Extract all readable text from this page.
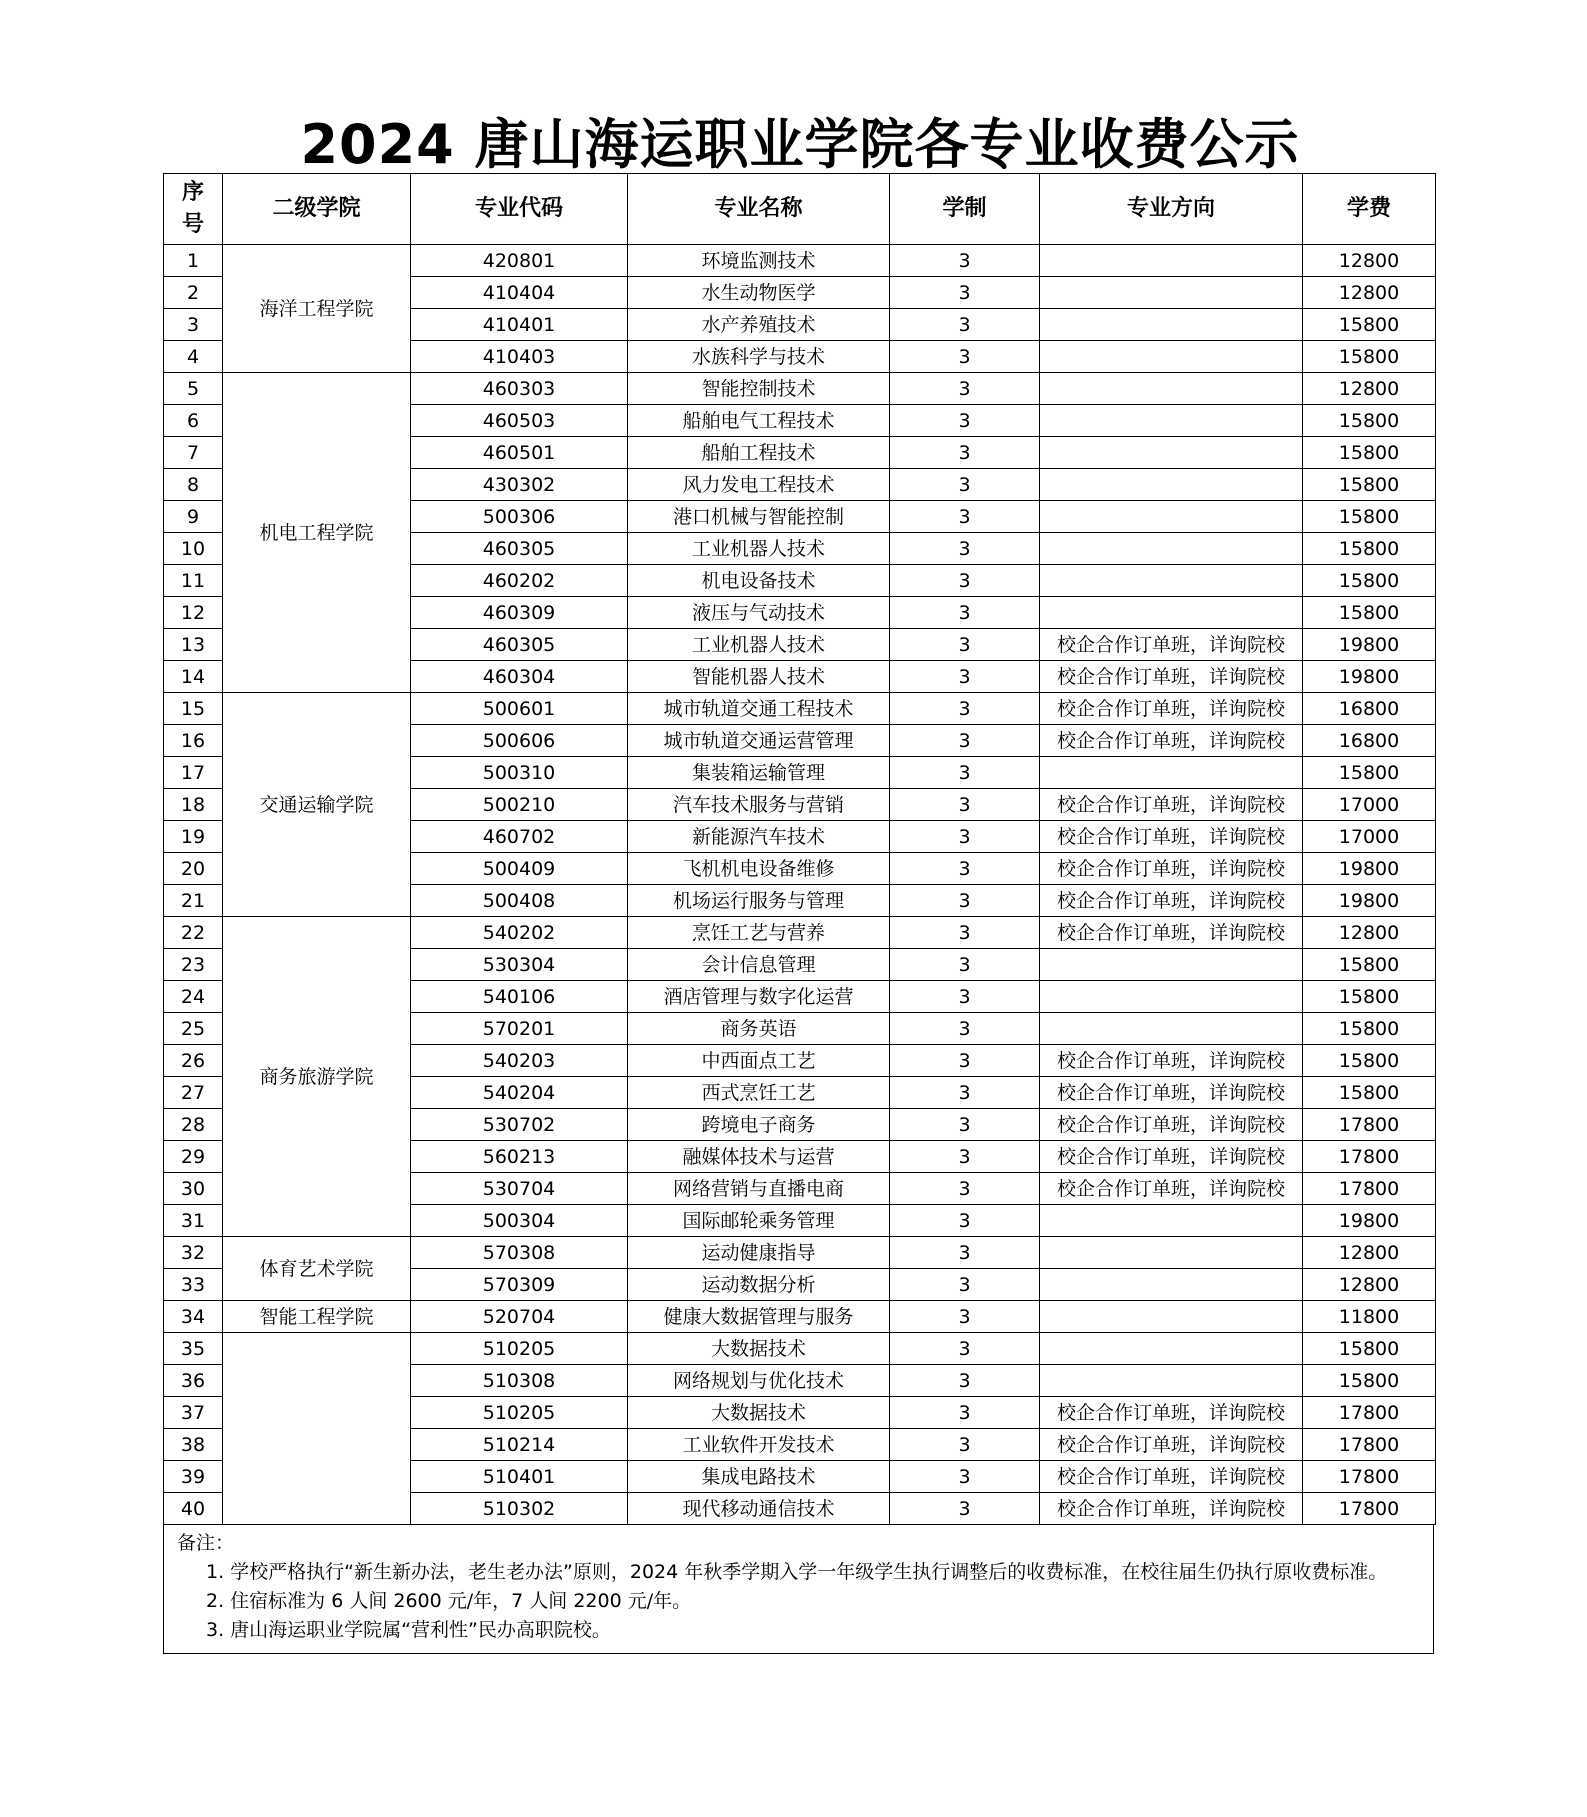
2024 唐山海运职业学院各专业收费公示
序号	二级学院	专业代码	专业名称	学制	专业方向	学费
1	海洋工程学院	420801	环境监测技术	3		12800
2		410404	水生动物医学	3		12800
3		410401	水产养殖技术	3		15800
4		410403	水族科学与技术	3		15800
5	机电工程学院	460303	智能控制技术	3		12800
6		460503	船舶电气工程技术	3		15800
7		460501	船舶工程技术	3		15800
8		430302	风力发电工程技术	3		15800
9		500306	港口机械与智能控制	3		15800
10		460305	工业机器人技术	3		15800
11		460202	机电设备技术	3		15800
12		460309	液压与气动技术	3		15800
13		460305	工业机器人技术	3	校企合作订单班，详询院校	19800
14		460304	智能机器人技术	3	校企合作订单班，详询院校	19800
15	交通运输学院	500601	城市轨道交通工程技术	3	校企合作订单班，详询院校	16800
16		500606	城市轨道交通运营管理	3	校企合作订单班，详询院校	16800
17		500310	集装箱运输管理	3		15800
18		500210	汽车技术服务与营销	3	校企合作订单班，详询院校	17000
19		460702	新能源汽车技术	3	校企合作订单班，详询院校	17000
20		500409	飞机机电设备维修	3	校企合作订单班，详询院校	19800
21		500408	机场运行服务与管理	3	校企合作订单班，详询院校	19800
22	商务旅游学院	540202	烹饪工艺与营养	3	校企合作订单班，详询院校	12800
23		530304	会计信息管理	3		15800
24		540106	酒店管理与数字化运营	3		15800
25		570201	商务英语	3		15800
26		540203	中西面点工艺	3	校企合作订单班，详询院校	15800
27		540204	西式烹饪工艺	3	校企合作订单班，详询院校	15800
28		530702	跨境电子商务	3	校企合作订单班，详询院校	17800
29		560213	融媒体技术与运营	3	校企合作订单班，详询院校	17800
30		530704	网络营销与直播电商	3	校企合作订单班，详询院校	17800
31		500304	国际邮轮乘务管理	3		19800
32	体育艺术学院	570308	运动健康指导	3		12800
33		570309	运动数据分析	3		12800
34	智能工程学院	520704	健康大数据管理与服务	3		11800
35		510205	大数据技术	3		15800
36		510308	网络规划与优化技术	3		15800
37		510205	大数据技术	3	校企合作订单班，详询院校	17800
38		510214	工业软件开发技术	3	校企合作订单班，详询院校	17800
39		510401	集成电路技术	3	校企合作订单班，详询院校	17800
40		510302	现代移动通信技术	3	校企合作订单班，详询院校	17800
备注：
1. 学校严格执行“新生新办法，老生老办法”原则，2024 年秋季学期入学一年级学生执行调整后的收费标准，在校往届生仍执行原收费标准。
2. 住宿标准为 6 人间 2600 元/年，7 人间 2200 元/年。
3. 唐山海运职业学院属“营利性”民办高职院校。
